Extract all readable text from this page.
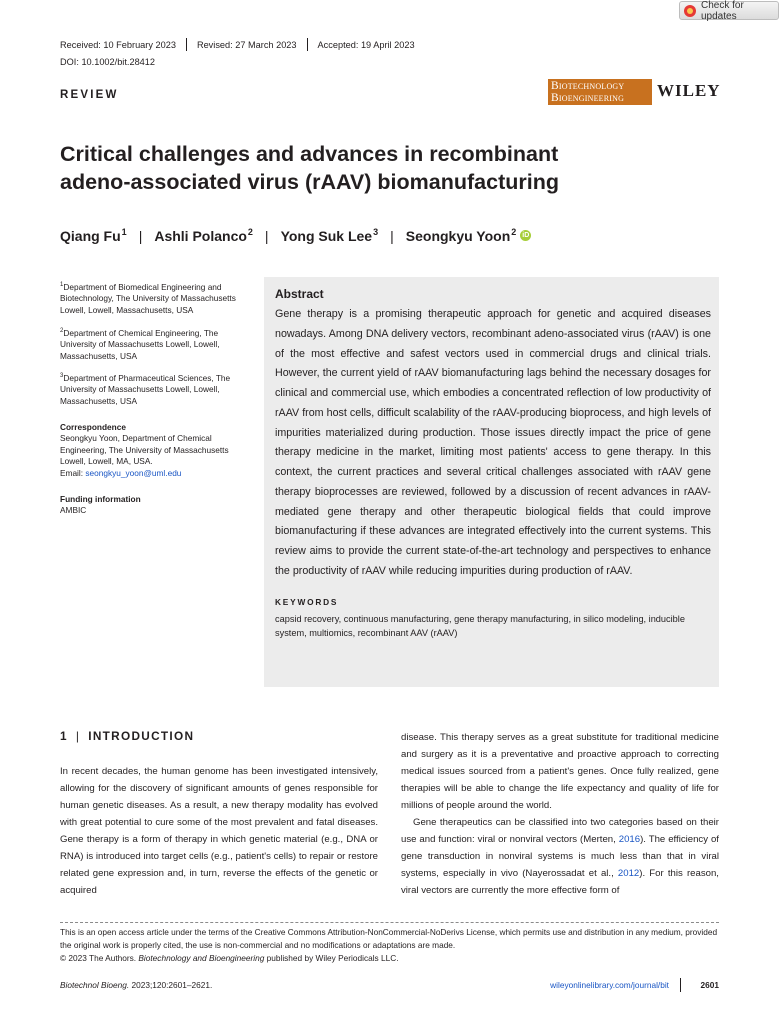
Check for updates
Received: 10 February 2023 Revised: 27 March 2023 Accepted: 19 April 2023
DOI: 10.1002/bit.28412
REVIEW
Biotechnology
Bioengineering	WILEY
Critical challenges and advances in recombinant adeno-associated virus (rAAV) biomanufacturing
Qiang Fu$^1$ | Ashli Polanco$^2$ | Yong Suk Lee$^3$ | Seongkyu Yoon$^2$ iD
$^1$Department of Biomedical Engineering and Biotechnology, The University of Massachusetts Lowell, Lowell, Massachusetts, USA
$^2$Department of Chemical Engineering, The University of Massachusetts Lowell, Lowell, Massachusetts, USA
$^3$Department of Pharmaceutical Sciences, The University of Massachusetts Lowell, Lowell, Massachusetts, USA
Correspondence
Seongkyu Yoon, Department of Chemical Engineering, The University of Massachusetts Lowell, Lowell, MA, USA.
Email: seongkyu_yoon@uml.edu
Funding information
AMBIC
Abstract
Gene therapy is a promising therapeutic approach for genetic and acquired diseases nowadays. Among DNA delivery vectors, recombinant adeno-associated virus (rAAV) is one of the most effective and safest vectors used in commercial drugs and clinical trials. However, the current yield of rAAV biomanufacturing lags behind the necessary dosages for clinical and commercial use, which embodies a concentrated reflection of low productivity of rAAV from host cells, difficult scalability of the rAAV-producing bioprocess, and high levels of impurities materialized during production. Those issues directly impact the price of gene therapy medicine in the market, limiting most patients' access to gene therapy. In this context, the current practices and several critical challenges associated with rAAV gene therapy bioprocesses are reviewed, followed by a discussion of recent advances in rAAV-mediated gene therapy and other therapeutic biological fields that could improve biomanufacturing if these advances are integrated effectively into the current systems. This review aims to provide the current state-of-the-art technology and perspectives to enhance the productivity of rAAV while reducing impurities during production of rAAV.
KEYWORDS
capsid recovery, continuous manufacturing, gene therapy manufacturing, in silico modeling, inducible system, multiomics, recombinant AAV (rAAV)
1 | INTRODUCTION

In recent decades, the human genome has been investigated intensively, allowing for the discovery of significant amounts of genes responsible for human genetic diseases. As a result, a new therapy modality has evolved with great potential to cure some of the most prevalent and fatal diseases. Gene therapy is a form of therapy in which genetic material (e.g., DNA or RNA) is introduced into target cells (e.g., patient's cells) to repair or restore related gene expression and, in turn, reverse the effects of the genetic or acquired

disease. This therapy serves as a great substitute for traditional medicine and surgery as it is a preventative and proactive approach to correcting medical issues sourced from a patient's genes. Once fully realized, gene therapies will be able to change the life expectancy and quality of life for millions of people around the world.

Gene therapeutics can be classified into two categories based on their use and function: viral or nonviral vectors (Merten, 2016). The efficiency of gene transduction in nonviral systems is much less than that in viral systems, especially in vivo (Nayerossadat et al., 2012). For this reason, viral vectors are currently the more effective form of

This is an open access article under the terms of the Creative Commons Attribution-NonCommercial-NoDerivs License, which permits use and distribution in any medium, provided the original work is properly cited, the use is non-commercial and no modifications or adaptations are made.
© 2023 The Authors. Biotechnology and Bioengineering published by Wiley Periodicals LLC.
Biotechnol Bioeng. 2023;120:2601–2621.	wileyonlinelibrary.com/journal/bit	2601
